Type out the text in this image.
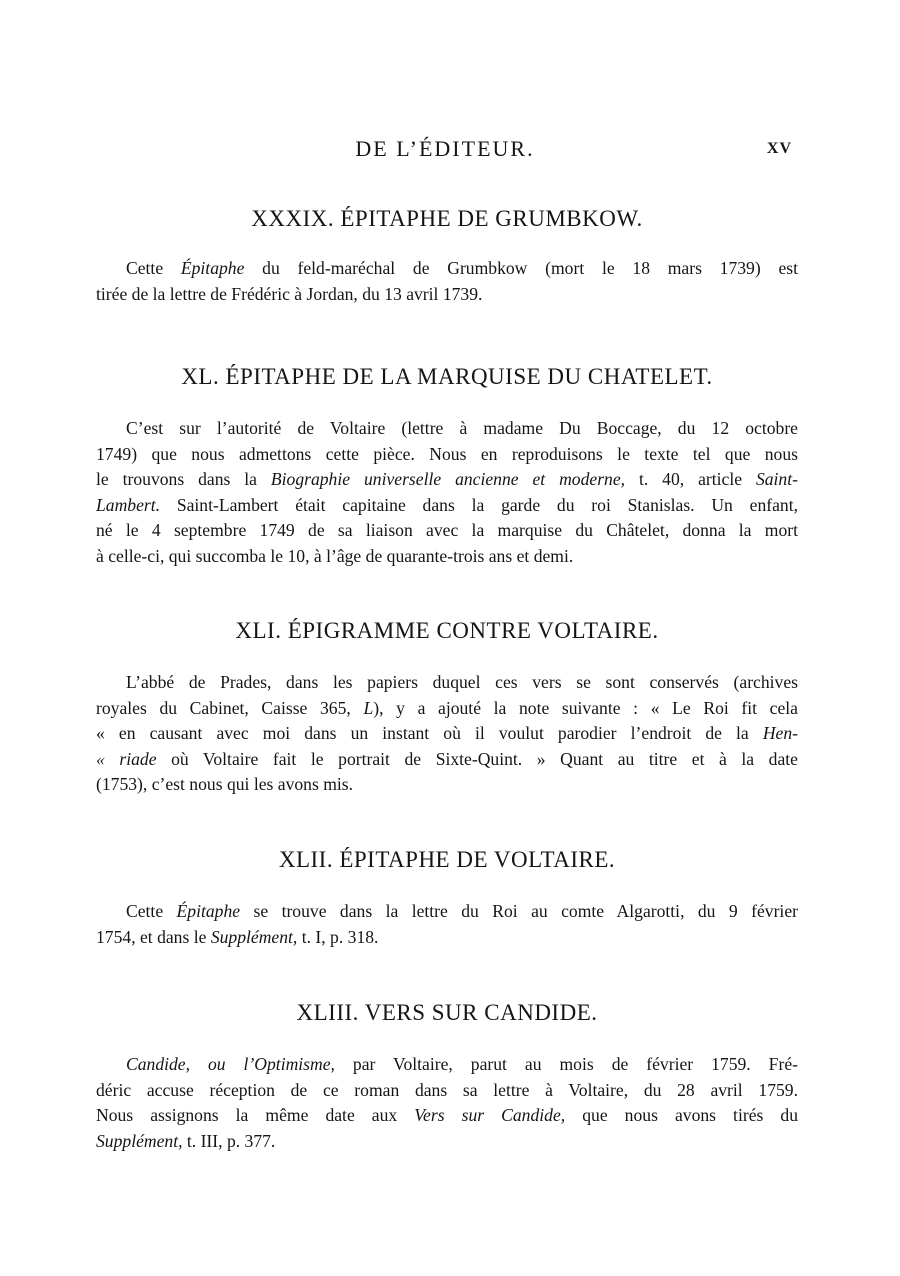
DE L’ÉDITEUR.	XV
XXXIX. ÉPITAPHE DE GRUMBKOW.

Cette Épitaphe du feld-maréchal de Grumbkow (mort le 18 mars 1739) est
tirée de la lettre de Frédéric à Jordan, du 13 avril 1739.

XL. ÉPITAPHE DE LA MARQUISE DU CHATELET.

C’est sur l’autorité de Voltaire (lettre à madame Du Boccage, du 12 octobre
1749) que nous admettons cette pièce. Nous en reproduisons le texte tel que nous
le trouvons dans la Biographie universelle ancienne et moderne, t. 40, article Saint-
Lambert. Saint-Lambert était capitaine dans la garde du roi Stanislas. Un enfant,
né le 4 septembre 1749 de sa liaison avec la marquise du Châtelet, donna la mort
à celle-ci, qui succomba le 10, à l’âge de quarante-trois ans et demi.

XLI. ÉPIGRAMME CONTRE VOLTAIRE.

L’abbé de Prades, dans les papiers duquel ces vers se sont conservés (archives
royales du Cabinet, Caisse 365, L), y a ajouté la note suivante : « Le Roi fit cela
« en causant avec moi dans un instant où il voulut parodier l’endroit de la Hen-
« riade où Voltaire fait le portrait de Sixte-Quint. » Quant au titre et à la date
(1753), c’est nous qui les avons mis.

XLII. ÉPITAPHE DE VOLTAIRE.

Cette Épitaphe se trouve dans la lettre du Roi au comte Algarotti, du 9 février
1754, et dans le Supplément, t. I, p. 318.

XLIII. VERS SUR CANDIDE.

Candide, ou l’Optimisme, par Voltaire, parut au mois de février 1759. Fré-
déric accuse réception de ce roman dans sa lettre à Voltaire, du 28 avril 1759.
Nous assignons la même date aux Vers sur Candide, que nous avons tirés du
Supplément, t. III, p. 377.
